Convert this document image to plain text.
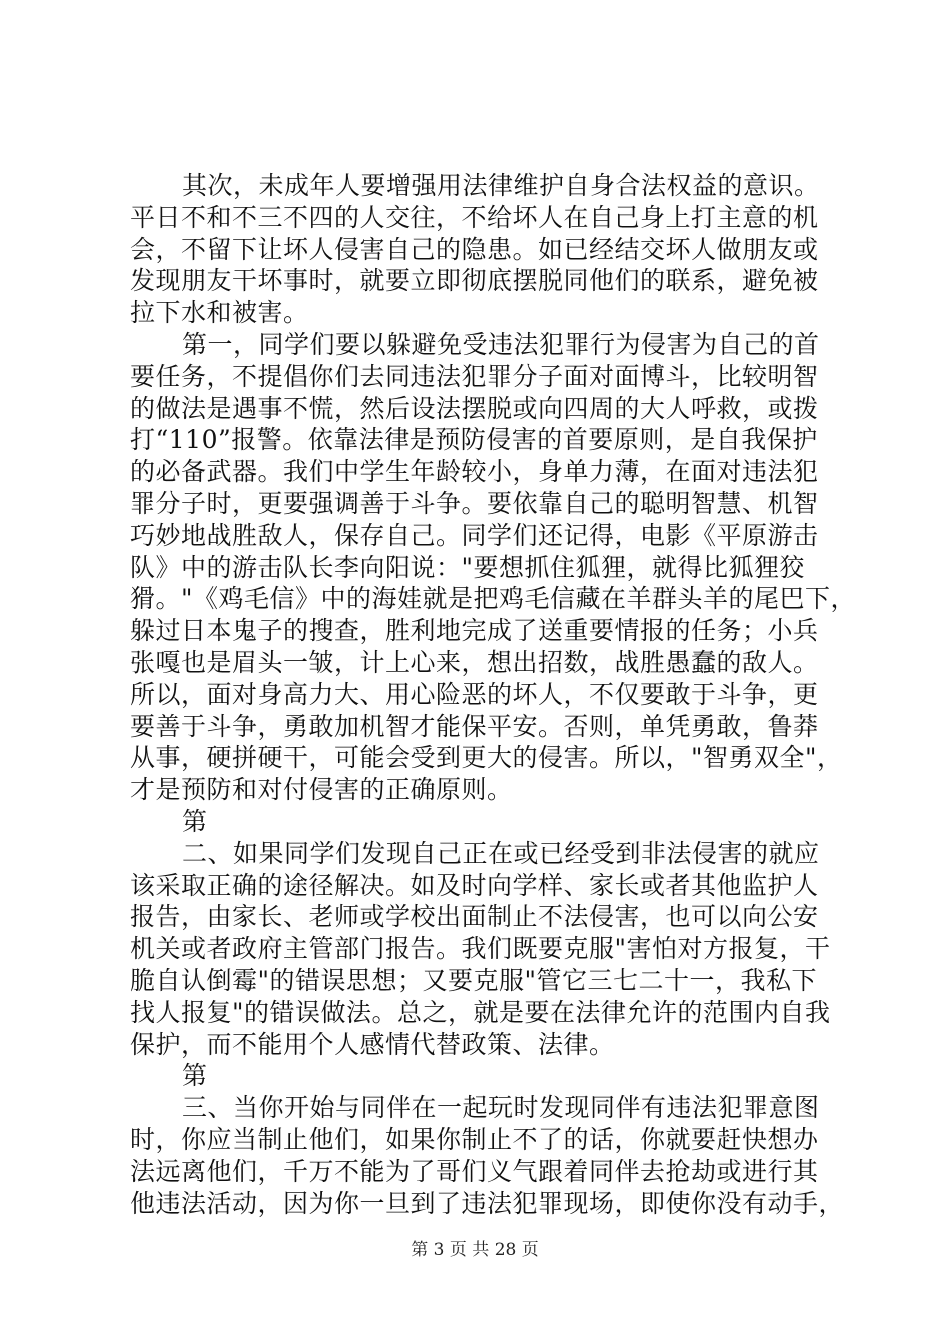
其次，未成年人要增强用法律维护自身合法权益的意识。
平日不和不三不四的人交往，不给坏人在自己身上打主意的机
会，不留下让坏人侵害自己的隐患。如已经结交坏人做朋友或
发现朋友干坏事时，就要立即彻底摆脱同他们的联系，避免被
拉下水和被害。
第一，同学们要以躲避免受违法犯罪行为侵害为自己的首
要任务，不提倡你们去同违法犯罪分子面对面博斗，比较明智
的做法是遇事不慌，然后设法摆脱或向四周的大人呼救，或拨
打“110”报警。依靠法律是预防侵害的首要原则，是自我保护
的必备武器。我们中学生年龄较小，身单力薄，在面对违法犯
罪分子时，更要强调善于斗争。要依靠自己的聪明智慧、机智
巧妙地战胜敌人，保存自己。同学们还记得，电影《平原游击
队》中的游击队长李向阳说："要想抓住狐狸，就得比狐狸狡
猾。"《鸡毛信》中的海娃就是把鸡毛信藏在羊群头羊的尾巴下，
躲过日本鬼子的搜查，胜利地完成了送重要情报的任务；小兵
张嘎也是眉头一皱，计上心来，想出招数，战胜愚蠢的敌人。
所以，面对身高力大、用心险恶的坏人，不仅要敢于斗争，更
要善于斗争，勇敢加机智才能保平安。否则，单凭勇敢，鲁莽
从事，硬拼硬干，可能会受到更大的侵害。所以，"智勇双全"，
才是预防和对付侵害的正确原则。
第
二、如果同学们发现自己正在或已经受到非法侵害的就应
该采取正确的途径解决。如及时向学样、家长或者其他监护人
报告，由家长、老师或学校出面制止不法侵害，也可以向公安
机关或者政府主管部门报告。我们既要克服"害怕对方报复，干
脆自认倒霉"的错误思想；又要克服"管它三七二十一，我私下
找人报复"的错误做法。总之，就是要在法律允许的范围内自我
保护，而不能用个人感情代替政策、法律。
第
三、当你开始与同伴在一起玩时发现同伴有违法犯罪意图
时，你应当制止他们，如果你制止不了的话，你就要赶快想办
法远离他们，千万不能为了哥们义气跟着同伴去抢劫或进行其
他违法活动，因为你一旦到了违法犯罪现场，即使你没有动手，
第 3 页 共 28 页
